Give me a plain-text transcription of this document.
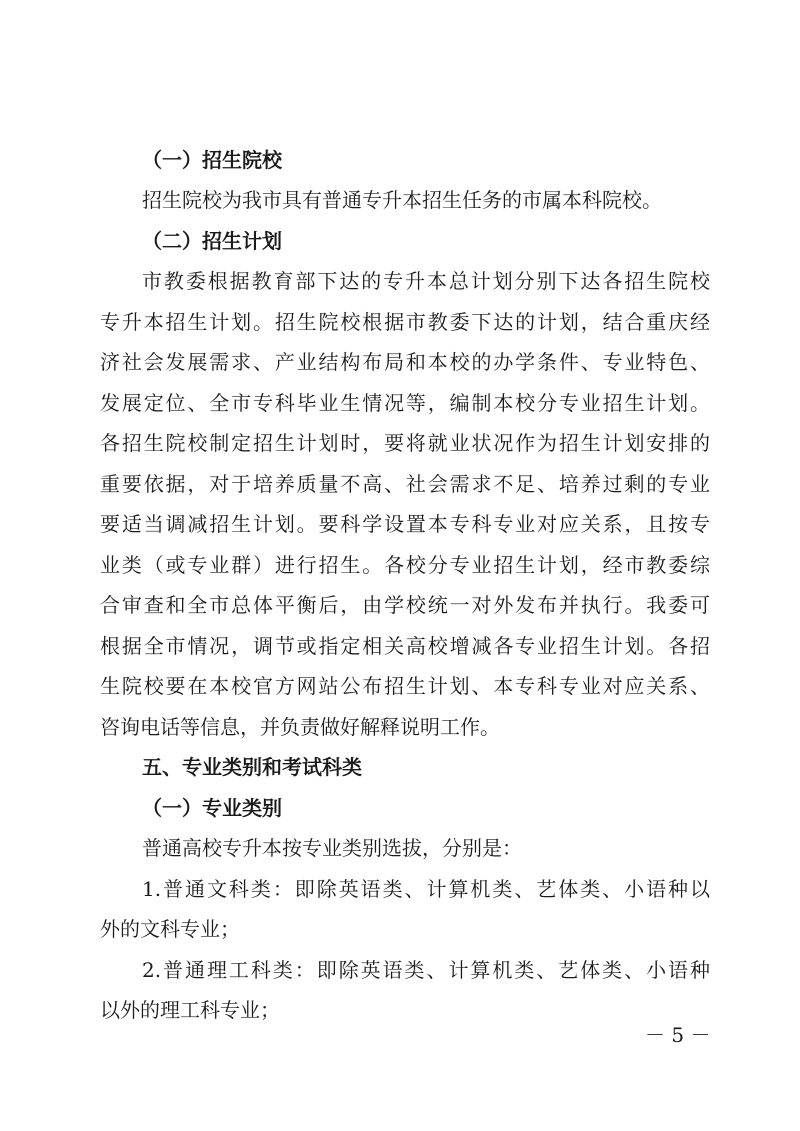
（一）招生院校
招生院校为我市具有普通专升本招生任务的市属本科院校。
（二）招生计划
市教委根据教育部下达的专升本总计划分别下达各招生院校
专升本招生计划。招生院校根据市教委下达的计划，结合重庆经
济社会发展需求、产业结构布局和本校的办学条件、专业特色、
发展定位、全市专科毕业生情况等，编制本校分专业招生计划。
各招生院校制定招生计划时，要将就业状况作为招生计划安排的
重要依据，对于培养质量不高、社会需求不足、培养过剩的专业
要适当调减招生计划。要科学设置本专科专业对应关系，且按专
业类（或专业群）进行招生。各校分专业招生计划，经市教委综
合审查和全市总体平衡后，由学校统一对外发布并执行。我委可
根据全市情况，调节或指定相关高校增减各专业招生计划。各招
生院校要在本校官方网站公布招生计划、本专科专业对应关系、
咨询电话等信息，并负责做好解释说明工作。
五、专业类别和考试科类
（一）专业类别
普通高校专升本按专业类别选拔，分别是：
1.普通文科类：即除英语类、计算机类、艺体类、小语种以
外的文科专业；
2.普通理工科类：即除英语类、计算机类、艺体类、小语种
以外的理工科专业；
－ 5 －
